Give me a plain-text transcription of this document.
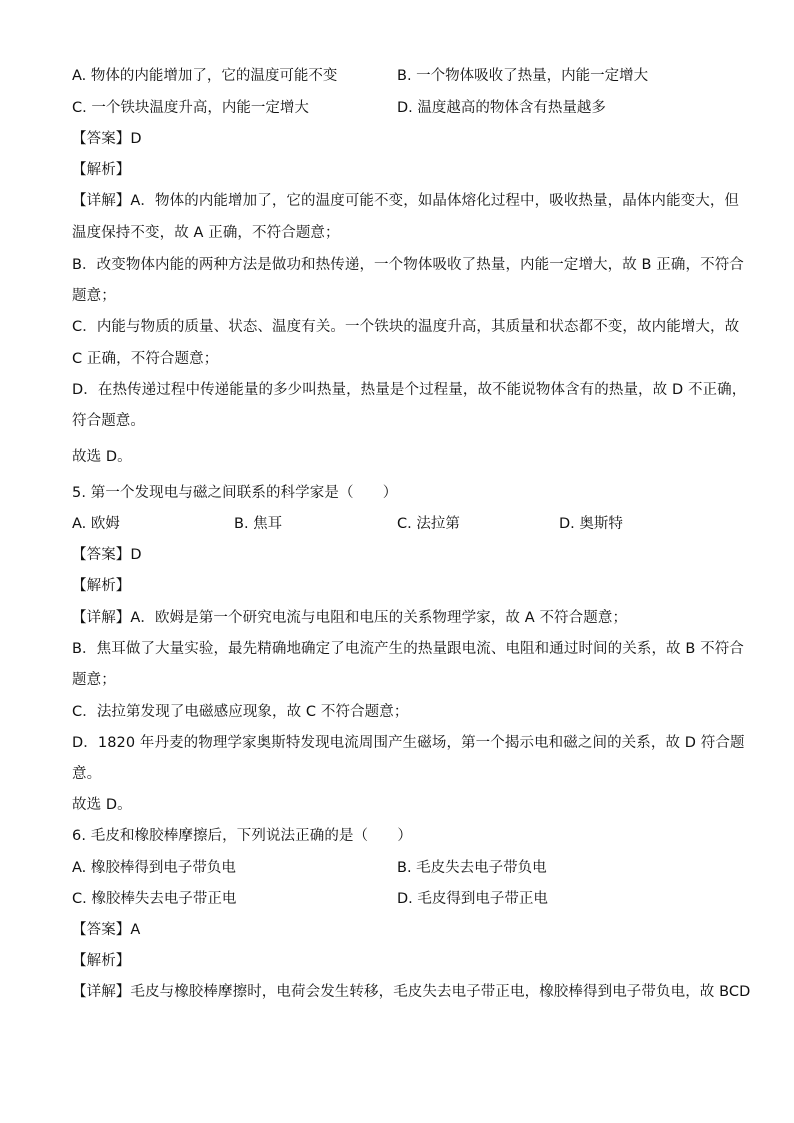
A. 物体的内能增加了，它的温度可能不变	B. 一个物体吸收了热量，内能一定增大
C. 一个铁块温度升高，内能一定增大	D. 温度越高的物体含有热量越多
【答案】D
【解析】
【详解】A．物体的内能增加了，它的温度可能不变，如晶体熔化过程中，吸收热量，晶体内能变大，但
温度保持不变，故 A 正确，不符合题意；
B．改变物体内能的两种方法是做功和热传递，一个物体吸收了热量，内能一定增大，故 B 正确，不符合
题意；
C．内能与物质的质量、状态、温度有关。一个铁块的温度升高，其质量和状态都不变，故内能增大，故
C 正确，不符合题意；
D．在热传递过程中传递能量的多少叫热量，热量是个过程量，故不能说物体含有的热量，故 D 不正确，
符合题意。
故选 D。
5. 第一个发现电与磁之间联系的科学家是（　　）
A. 欧姆	B. 焦耳	C. 法拉第	D. 奥斯特
【答案】D
【解析】
【详解】A．欧姆是第一个研究电流与电阻和电压的关系物理学家，故 A 不符合题意；
B．焦耳做了大量实验，最先精确地确定了电流产生的热量跟电流、电阻和通过时间的关系，故 B 不符合
题意；
C．法拉第发现了电磁感应现象，故 C 不符合题意；
D．1820 年丹麦的物理学家奥斯特发现电流周围产生磁场，第一个揭示电和磁之间的关系，故 D 符合题
意。
故选 D。
6. 毛皮和橡胶棒摩擦后，下列说法正确的是（　　）
A. 橡胶棒得到电子带负电	B. 毛皮失去电子带负电
C. 橡胶棒失去电子带正电	D. 毛皮得到电子带正电
【答案】A
【解析】
【详解】毛皮与橡胶棒摩擦时，电荷会发生转移，毛皮失去电子带正电，橡胶棒得到电子带负电，故 BCD
